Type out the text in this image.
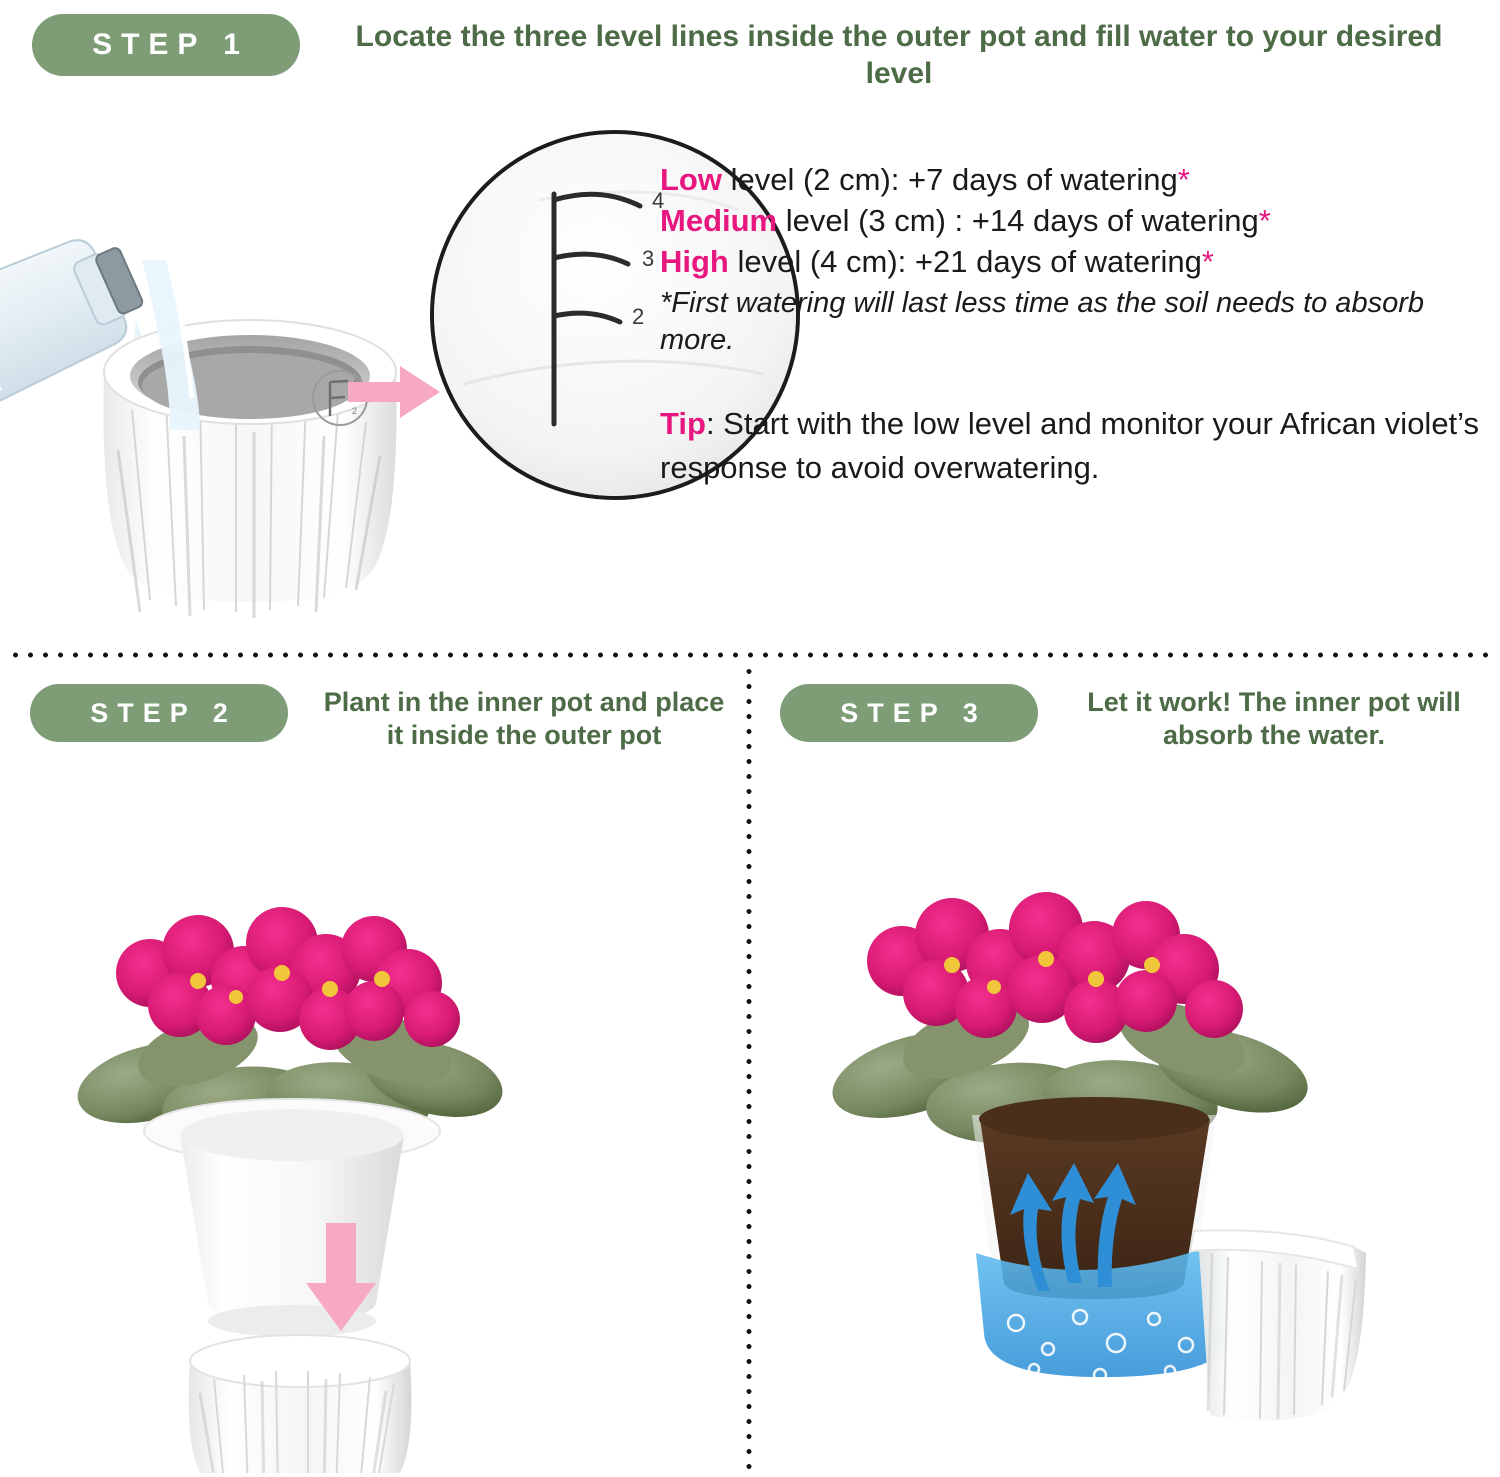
STEP 1	Locate the three level lines inside the outer pot and fill water to your desired level
2
4
3
2
Low level (2 cm): +7 days of watering*
Medium level (3 cm) : +14 days of watering*
High level (4 cm): +21 days of watering*
*First watering will last less time as the soil needs to absorb more.
Tip: Start with the low level and monitor your African violet’s response to avoid overwatering.
STEP 2	Plant in the inner pot and place it inside the outer pot
STEP 3	Let it work! The inner pot will absorb the water.
